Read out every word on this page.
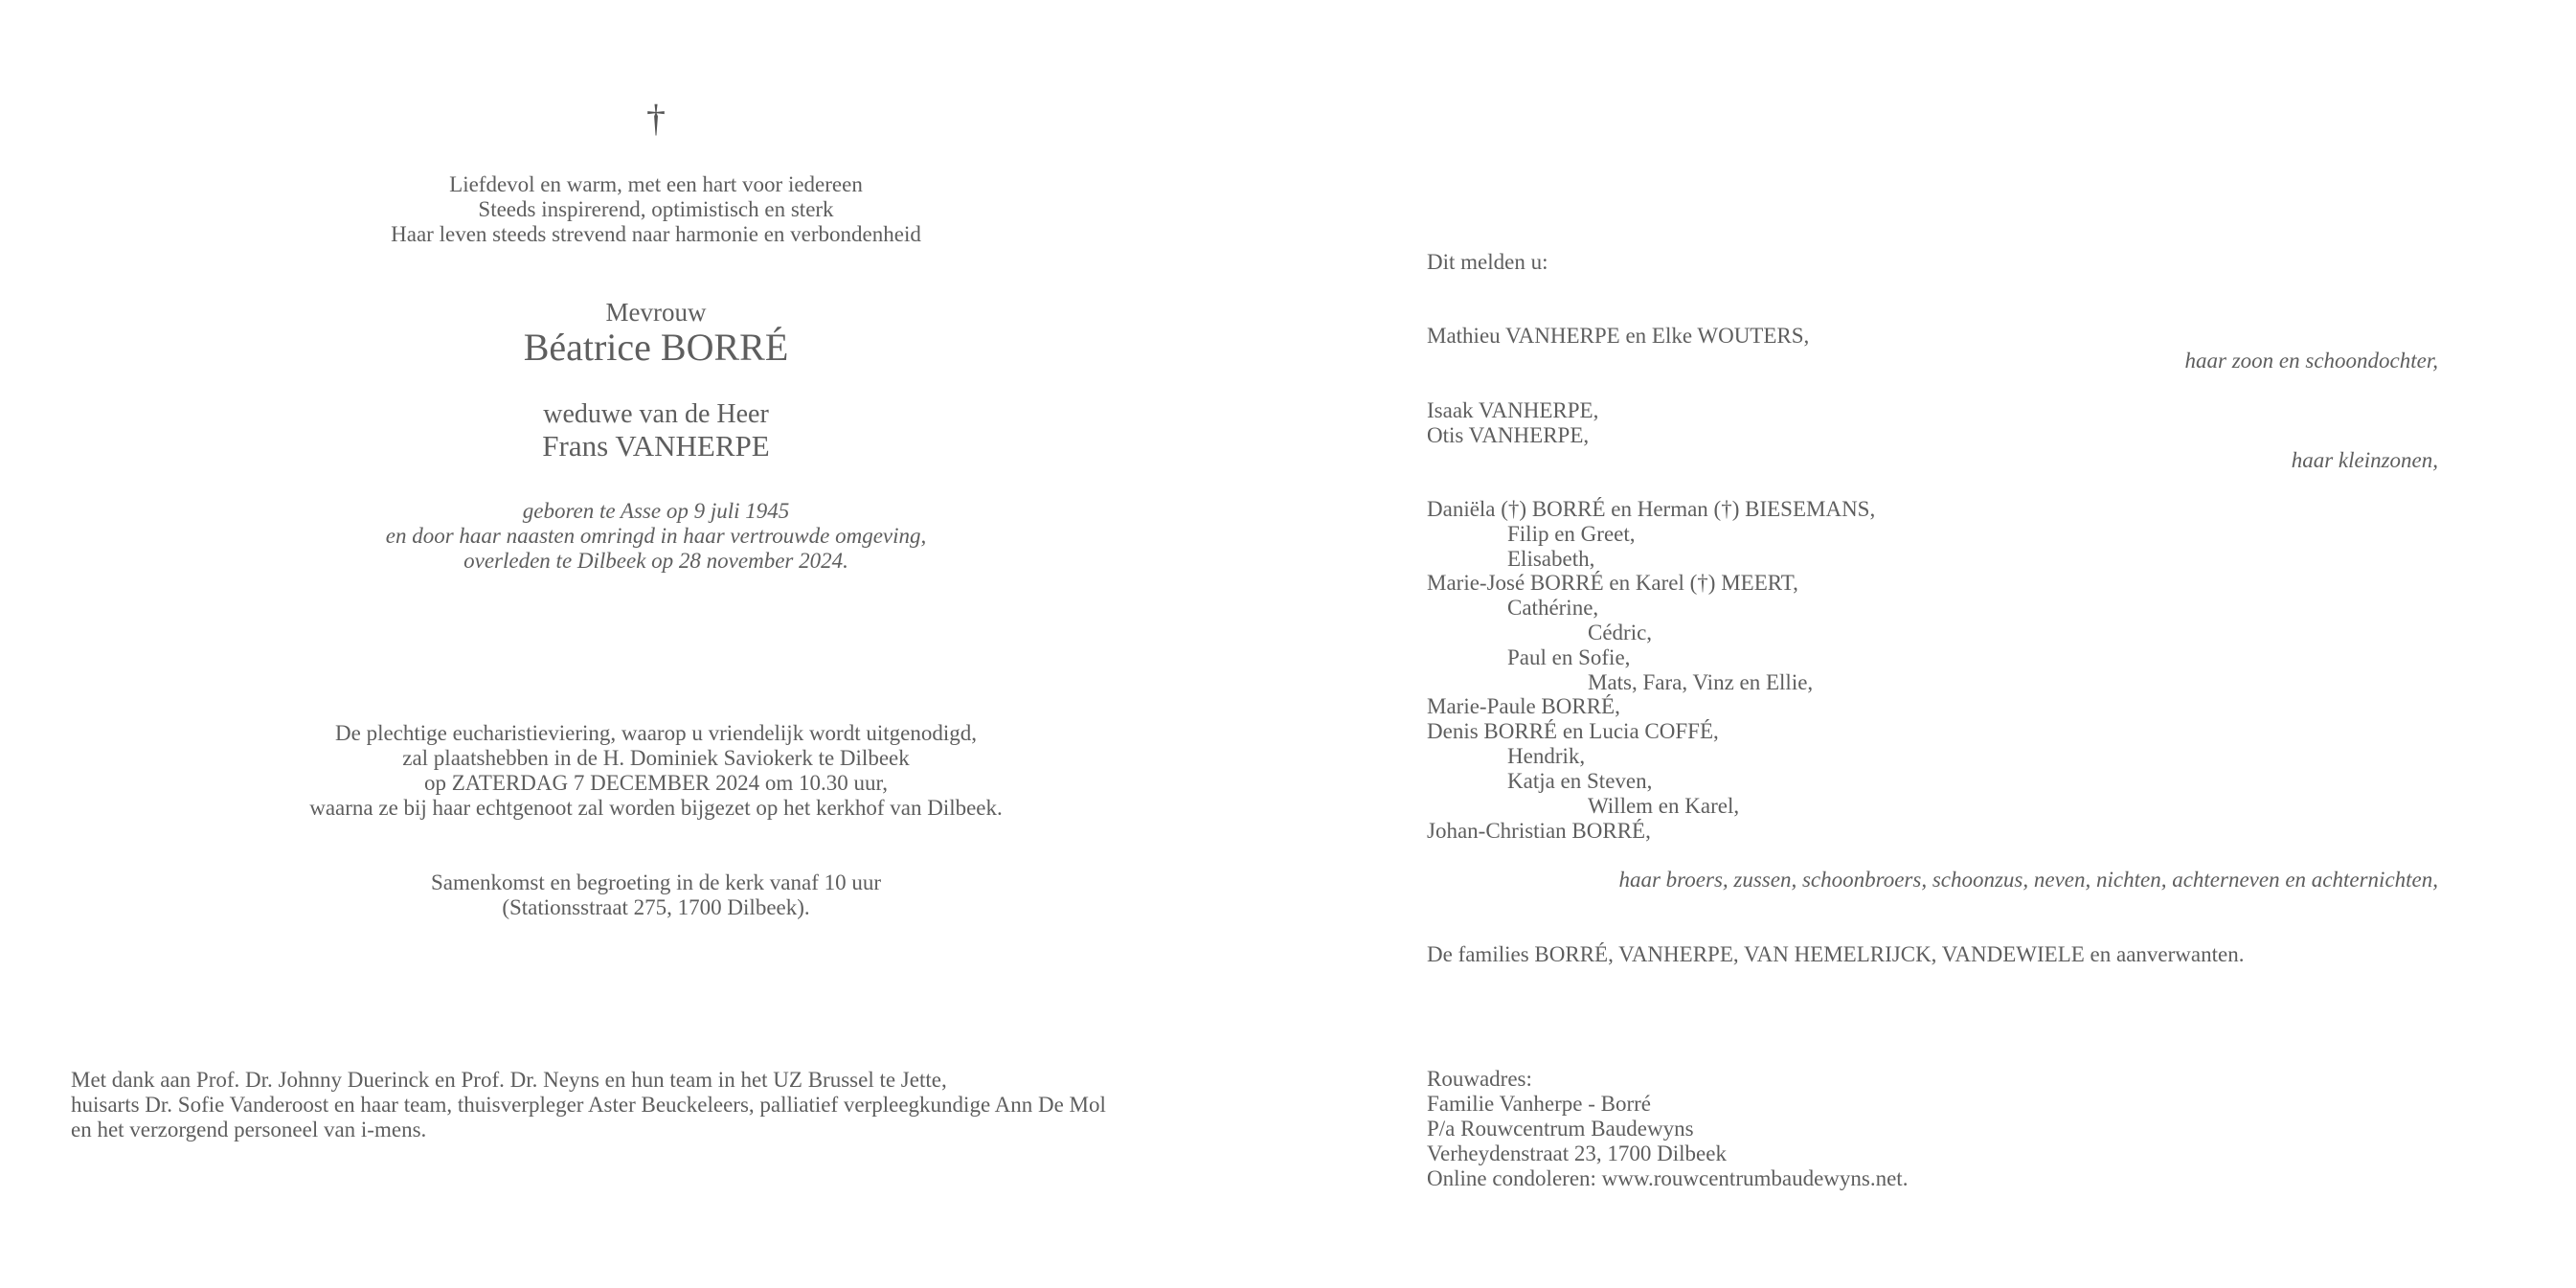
†
Liefdevol en warm, met een hart voor iedereen
Steeds inspirerend, optimistisch en sterk
Haar leven steeds strevend naar harmonie en verbondenheid
Mevrouw
Béatrice BORRÉ
weduwe van de Heer
Frans VANHERPE
geboren te Asse op 9 juli 1945
en door haar naasten omringd in haar vertrouwde omgeving,
overleden te Dilbeek op 28 november 2024.
De plechtige eucharistieviering, waarop u vriendelijk wordt uitgenodigd,
zal plaatshebben in de H. Dominiek Saviokerk te Dilbeek
op ZATERDAG 7 DECEMBER 2024 om 10.30 uur,
waarna ze bij haar echtgenoot zal worden bijgezet op het kerkhof van Dilbeek.
Samenkomst en begroeting in de kerk vanaf 10 uur
(Stationsstraat 275, 1700 Dilbeek).
Met dank aan Prof. Dr. Johnny Duerinck en Prof. Dr. Neyns en hun team in het UZ Brussel te Jette,
huisarts Dr. Sofie Vanderoost en haar team, thuisverpleger Aster Beuckeleers, palliatief verpleegkundige Ann De Mol
en het verzorgend personeel van i-mens.
Dit melden u:
Mathieu VANHERPE en Elke WOUTERS,
haar zoon en schoondochter,
Isaak VANHERPE,
Otis VANHERPE,
haar kleinzonen,
Daniëla (†) BORRÉ en Herman (†) BIESEMANS,
Filip en Greet,
Elisabeth,
Marie-José BORRÉ en Karel (†) MEERT,
Cathérine,
Cédric,
Paul en Sofie,
Mats, Fara, Vinz en Ellie,
Marie-Paule BORRÉ,
Denis BORRÉ en Lucia COFFÉ,
Hendrik,
Katja en Steven,
Willem en Karel,
Johan-Christian BORRÉ,
haar broers, zussen, schoonbroers, schoonzus, neven, nichten, achterneven en achternichten,
De families BORRÉ, VANHERPE, VAN HEMELRIJCK, VANDEWIELE en aanverwanten.
Rouwadres:
Familie Vanherpe - Borré
P/a Rouwcentrum Baudewyns
Verheydenstraat 23, 1700 Dilbeek
Online condoleren: www.rouwcentrumbaudewyns.net.
